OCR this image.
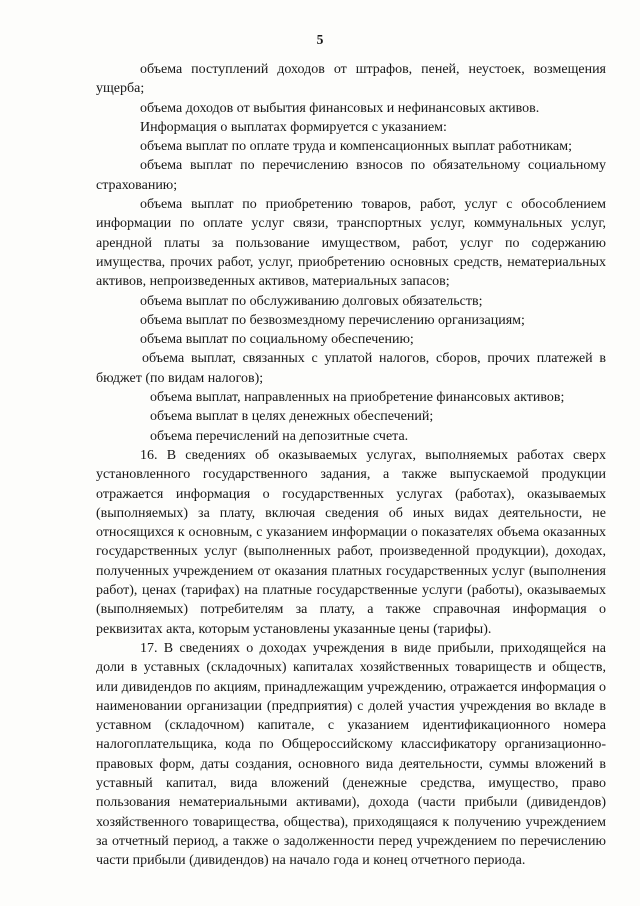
5

объема поступлений доходов от штрафов, пеней, неустоек, возмещения ущерба;

объема доходов от выбытия финансовых и нефинансовых активов.

Информация о выплатах формируется с указанием:

объема выплат по оплате труда и компенсационных выплат работникам;

объема выплат по перечислению взносов по обязательному социальному страхованию;

объема выплат по приобретению товаров, работ, услуг с обособлением информации по оплате услуг связи, транспортных услуг, коммунальных услуг, арендной платы за пользование имуществом, работ, услуг по содержанию имущества, прочих работ, услуг, приобретению основных средств, нематериальных активов, непроизведенных активов, материальных запасов;

объема выплат по обслуживанию долговых обязательств;

объема выплат по безвозмездному перечислению организациям;

объема выплат по социальному обеспечению;

объема выплат, связанных с уплатой налогов, сборов, прочих платежей в бюджет (по видам налогов);

объема выплат, направленных на приобретение финансовых активов;

объема выплат в целях денежных обеспечений;

объема перечислений на депозитные счета.

16. В сведениях об оказываемых услугах, выполняемых работах сверх установленного государственного задания, а также выпускаемой продукции отражается информация о государственных услугах (работах), оказываемых (выполняемых) за плату, включая сведения об иных видах деятельности, не относящихся к основным, с указанием информации о показателях объема оказанных государственных услуг (выполненных работ, произведенной продукции), доходах, полученных учреждением от оказания платных государственных услуг (выполнения работ), ценах (тарифах) на платные государственные услуги (работы), оказываемых (выполняемых) потребителям за плату, а также справочная информация о реквизитах акта, которым установлены указанные цены (тарифы).

17. В сведениях о доходах учреждения в виде прибыли, приходящейся на доли в уставных (складочных) капиталах хозяйственных товариществ и обществ, или дивидендов по акциям, принадлежащим учреждению, отражается информация о наименовании организации (предприятия) с долей участия учреждения во вкладе в уставном (складочном) капитале, с указанием идентификационного номера налогоплательщика, кода по Общероссийскому классификатору организационно-правовых форм, даты создания, основного вида деятельности, суммы вложений в уставный капитал, вида вложений (денежные средства, имущество, право пользования нематериальными активами), дохода (части прибыли (дивидендов) хозяйственного товарищества, общества), приходящаяся к получению учреждением за отчетный период, а также о задолженности перед учреждением по перечислению части прибыли (дивидендов) на начало года и конец отчетного периода.
